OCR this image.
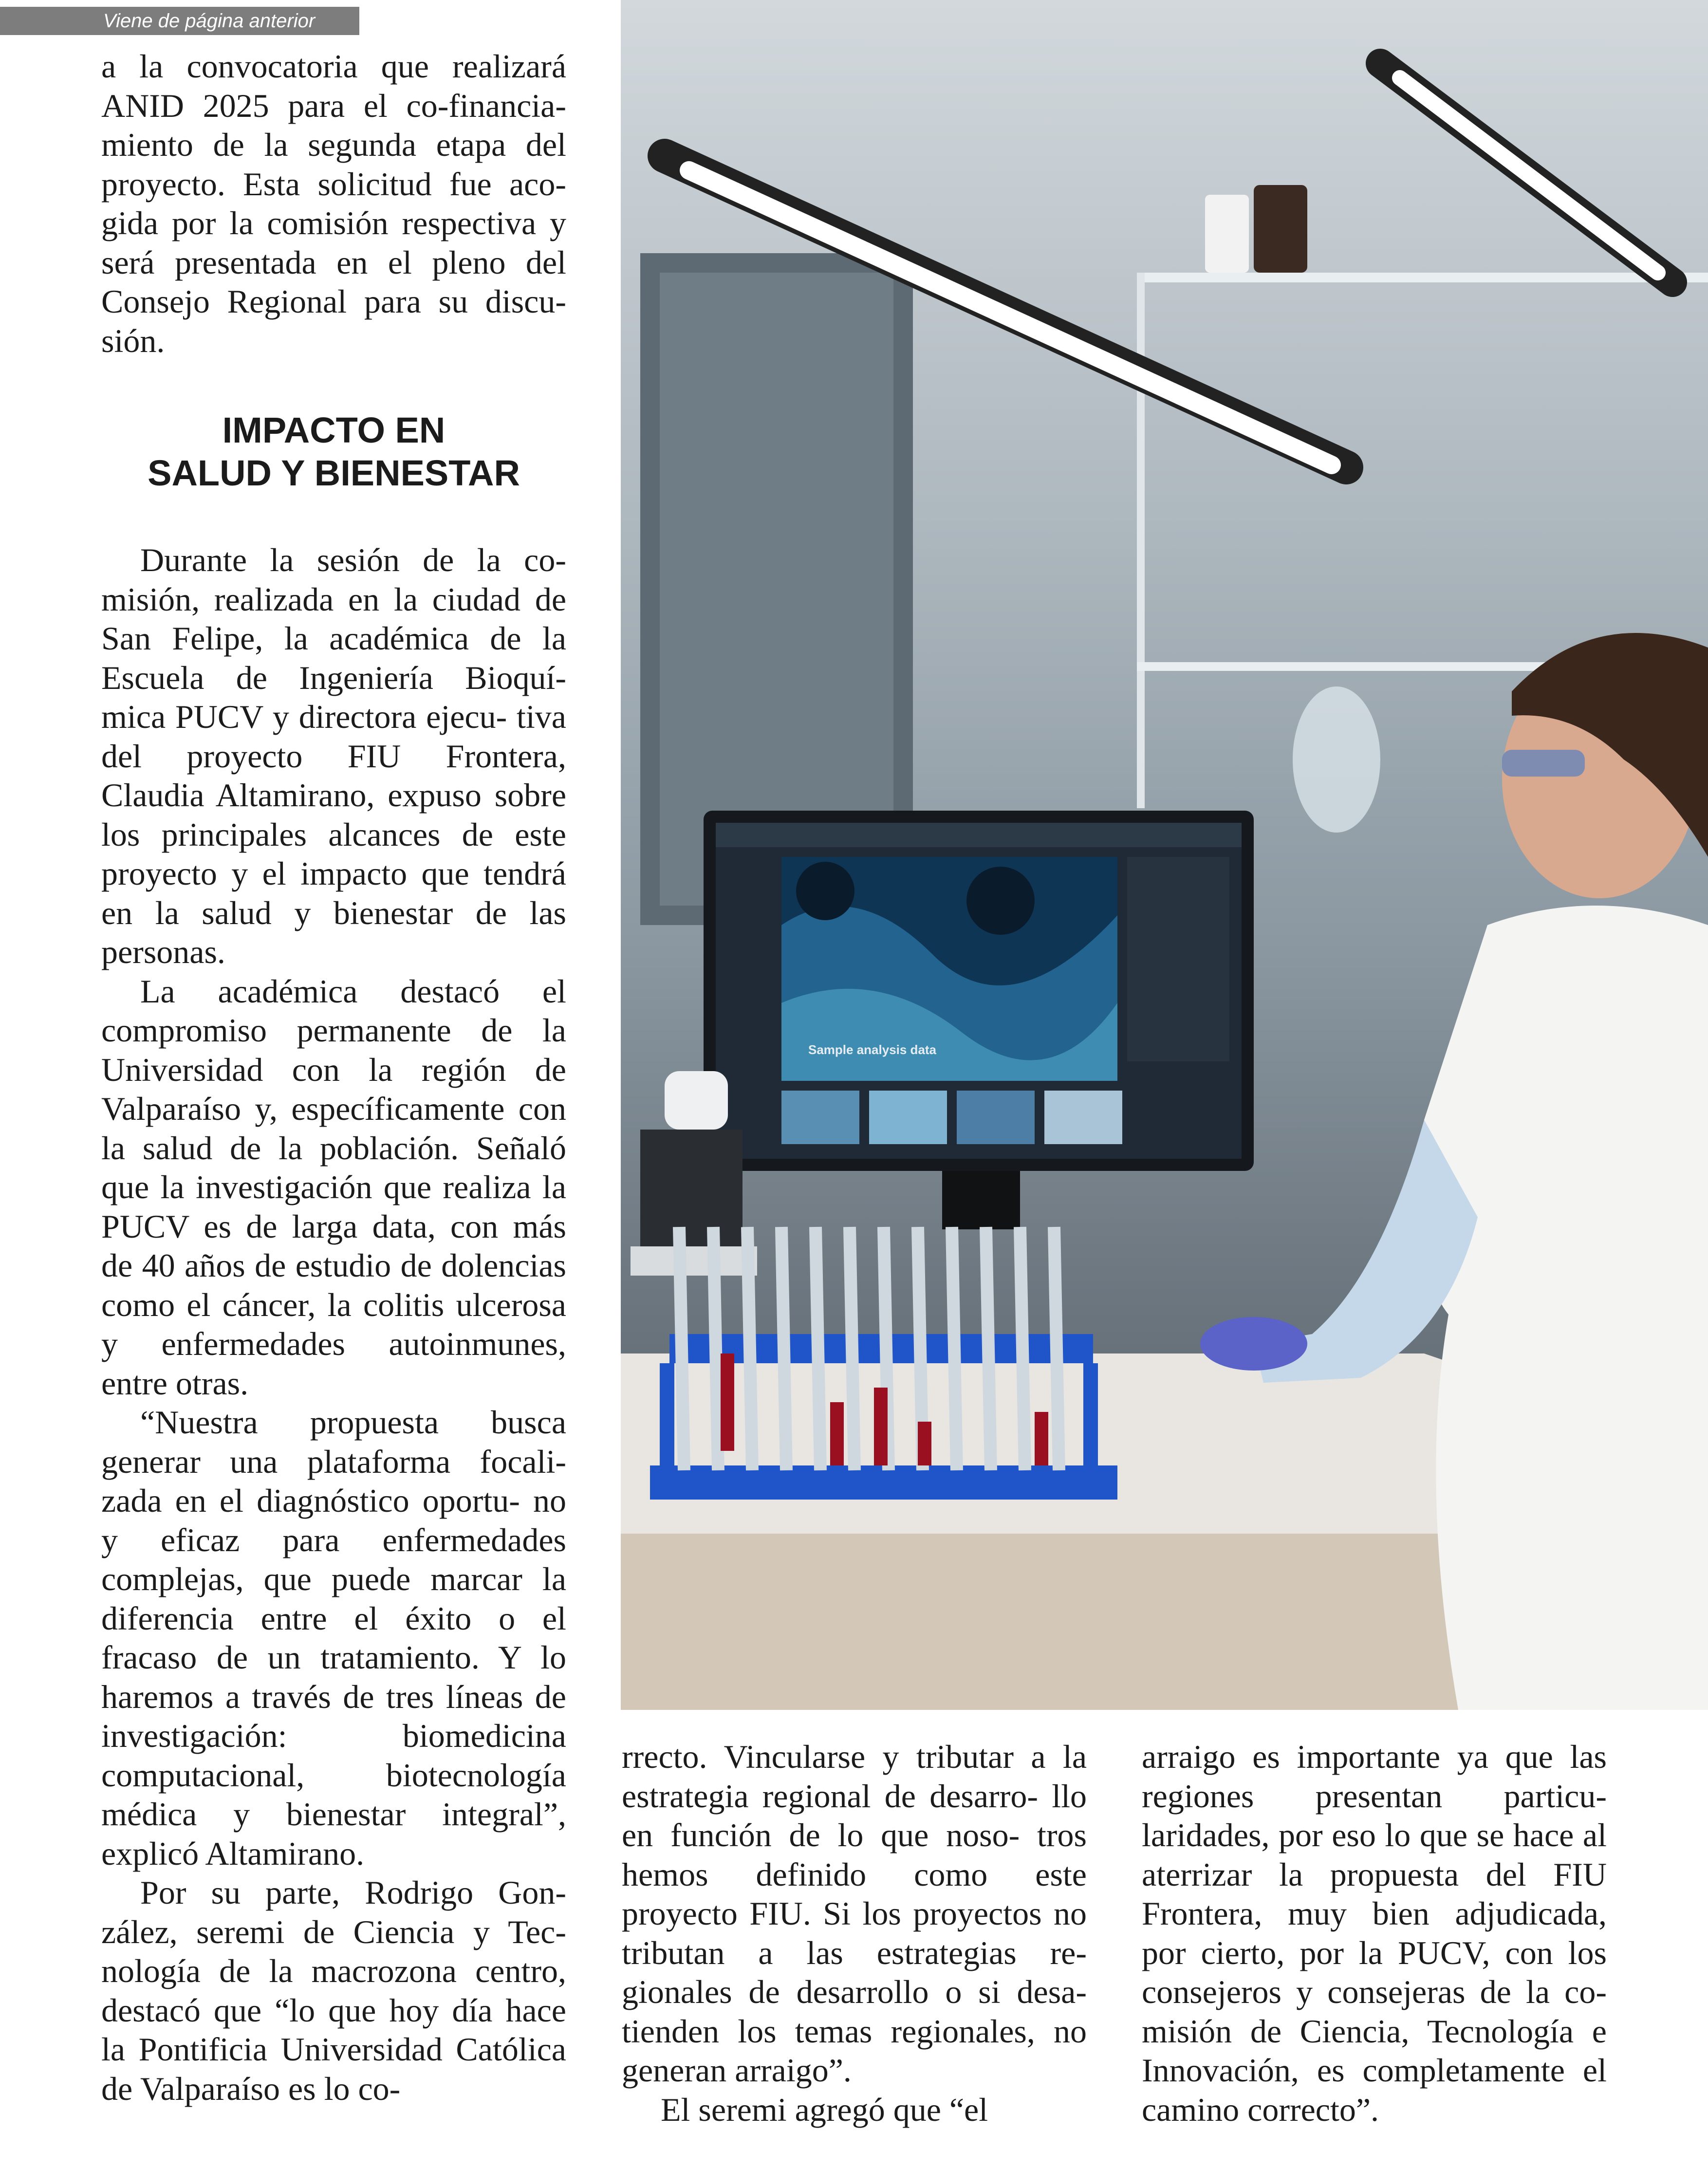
Viene de página anterior

a la convocatoria que realizará ANID 2025 para el co-financia- miento de la segunda etapa del proyecto. Esta solicitud fue aco- gida por la comisión respectiva y será presentada en el pleno del Consejo Regional para su discu- sión.

IMPACTO EN
SALUD Y BIENESTAR

Durante la sesión de la co- misión, realizada en la ciudad de San Felipe, la académica de la Escuela de Ingeniería Bioquí- mica PUCV y directora ejecu- tiva del proyecto FIU Frontera, Claudia Altamirano, expuso sobre los principales alcances de este proyecto y el impacto que tendrá en la salud y bienestar de las personas.

La académica destacó el compromiso permanente de la Universidad con la región de Valparaíso y, específicamente con la salud de la población. Señaló que la investigación que realiza la PUCV es de larga data, con más de 40 años de estudio de dolencias como el cáncer, la colitis ulcerosa y enfermedades autoinmunes, entre otras.

“Nuestra propuesta busca generar una plataforma focali- zada en el diagnóstico oportu- no y eficaz para enfermedades complejas, que puede marcar la diferencia entre el éxito o el fracaso de un tratamiento. Y lo haremos a través de tres líneas de investigación: biomedicina computacional, biotecnología médica y bienestar integral”, explicó Altamirano.

Por su parte, Rodrigo Gon- zález, seremi de Ciencia y Tec- nología de la macrozona centro, destacó que “lo que hoy día hace la Pontificia Universidad Católica de Valparaíso es lo co-

Sample analysis data

rrecto. Vincularse y tributar a la estrategia regional de desarro- llo en función de lo que noso- tros hemos definido como este proyecto FIU. Si los proyectos no tributan a las estrategias re- gionales de desarrollo o si desa- tienden los temas regionales, no generan arraigo”.

El seremi agregó que “el

arraigo es importante ya que las regiones presentan particu- laridades, por eso lo que se hace al aterrizar la propuesta del FIU Frontera, muy bien adjudicada, por cierto, por la PUCV, con los consejeros y consejeras de la co- misión de Ciencia, Tecnología e Innovación, es completamente el camino correcto”.
